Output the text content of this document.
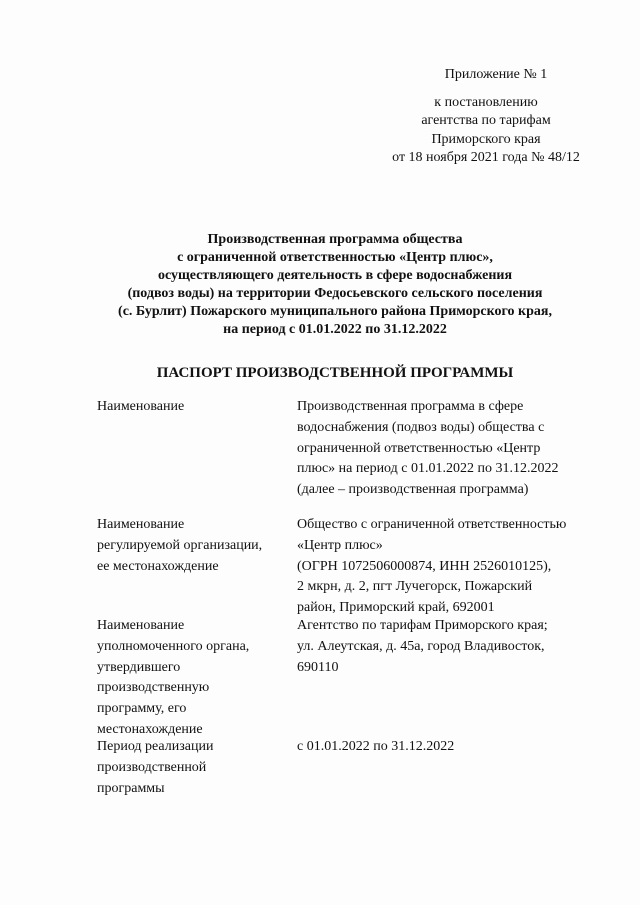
Приложение № 1
к постановлению
агентства по тарифам
Приморского края
от 18 ноября 2021 года № 48/12
Производственная программа общества
с ограниченной ответственностью «Центр плюс»,
осуществляющего деятельность в сфере водоснабжения
(подвоз воды) на территории Федосьевского сельского поселения
(с. Бурлит) Пожарского муниципального района Приморского края,
на период с 01.01.2022 по 31.12.2022
ПАСПОРТ ПРОИЗВОДСТВЕННОЙ ПРОГРАММЫ
Наименование	Производственная программа в сфере
водоснабжения (подвоз воды) общества с
ограниченной ответственностью «Центр
плюс» на период с 01.01.2022 по 31.12.2022
(далее – производственная программа)
Наименование
регулируемой организации,
ее местонахождение
Общество с ограниченной ответственностью
«Центр плюс»
(ОГРН 1072506000874, ИНН 2526010125),
2 мкрн, д. 2, пгт Лучегорск, Пожарский
район, Приморский край, 692001
Наименование
уполномоченного органа,
утвердившего
производственную
программу, его
местонахождение
Агентство по тарифам Приморского края;
ул. Алеутская, д. 45а, город Владивосток,
690110
Период реализации
производственной
программы
с 01.01.2022 по 31.12.2022
